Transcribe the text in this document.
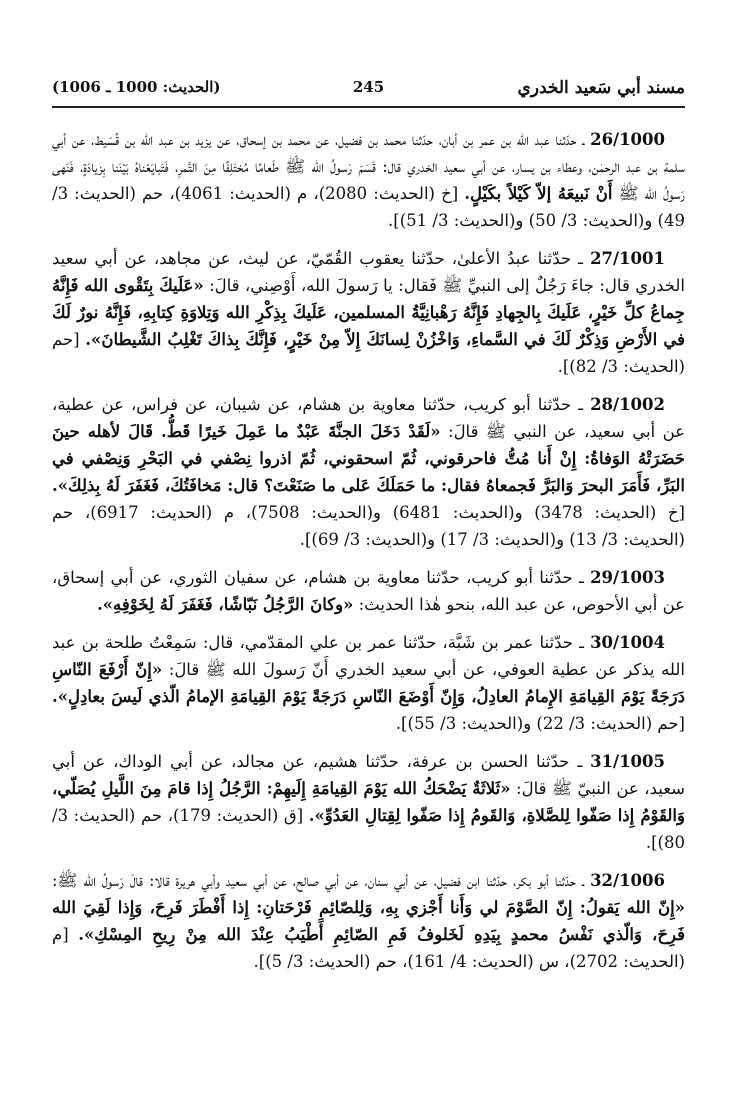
مسند أبي سَعيد الخدري
245
(الحديث: 1000 ـ 1006)

26/1000 ـ حدّثنا عبد الله بن عمر بن أبان، حدّثنا محمد بن فضيل، عن محمد بن إسحاق، عن يزيد بن عبد الله بن قُسَيط، عن أبي سلمة بن عبد الرحمٰن، وعطاء بن يسار، عن أبي سعيد الخدري قال: قَسَمَ رَسولُ الله ﷺ طَعامًا مُختَلِفًا مِنَ التَّمرِ، فَتَبايَعْناهُ بَيْنَنا بِزيادَةٍ، فَنَهى رَسولُ الله ﷺ أَنْ نَبيعَهُ إلاّ كَيْلاً بكَيْلٍ. [خ (الحديث: 2080)، م (الحديث: 4061)، حم (الحديث: 3/ 49) و(الحديث: 3/ 50) و(الحديث: 3/ 51)].

27/1001 ـ حدّثنا عبدُ الأعلىٰ، حدّثنا يعقوب القُمّيّ، عن ليث، عن مجاهد، عن أبي سعيد الخدري قال: جاءَ رَجُلٌ إلى النبيِّ ﷺ فَقال: يا رَسولَ الله، أَوْصِني، قالَ: «عَلَيكَ بِتَقْوى الله فَإِنَّهُ جِماعُ كلِّ خَيْرٍ، عَلَيكَ بِالجِهادِ فَإِنَّهُ رَهْبانِيَّةُ المسلمين، عَلَيكَ بِذِكْرِ الله وَتِلاوَةِ كِتابِهِ، فَإِنَّهُ نورٌ لَكَ في الأَرْضِ وَذِكْرٌ لَكَ في السَّماءِ، وَاخْزُنْ لِسانَكَ إِلاّ مِنْ خَيْرٍ، فَإِنَّكَ بِذاكَ تَغْلِبُ الشَّيطانَ». [حم (الحديث: 3/ 82)].

28/1002 ـ حدّثنا أبو كريب، حدّثنا معاوية بن هشام، عن شيبان، عن فراس، عن عطية، عن أبي سعيد، عن النبي ﷺ قالَ: «لَقَدْ دَخَلَ الجنَّةَ عَبْدٌ ما عَمِلَ خَيرًا قَطُّ. قَالَ لأهله حينَ حَضَرَتْهُ الوَفاةُ: إِنْ أَنا مُتُّ فاحرقوني، ثُمّ اسحقوني، ثُمّ اذروا نِصْفي في البَحْرِ وَنِصْفي في البَرِّ، فَأَمَرَ البحرَ وَالبَرَّ فَجمعاهُ فقال: ما حَمَلَكَ عَلى ما صَنَعْتَ؟ قال: مَخافَتُكَ، فَغَفَرَ لَهُ بِذلِكَ». [خ (الحديث: 3478) و(الحديث: 6481) و(الحديث: 7508)، م (الحديث: 6917)، حم (الحديث: 3/ 13) و(الحديث: 3/ 17) و(الحديث: 3/ 69)].

29/1003 ـ حدّثنا أبو كريب، حدّثنا معاوية بن هشام، عن سفيان الثوري، عن أبي إسحاق، عن أبي الأحوص، عن عبد الله، بنحو هٰذا الحديث: «وكانَ الرَّجُلُ نَبّاشًا، فَغَفَرَ لَهُ لِخَوْفِهِ».

30/1004 ـ حدّثنا عمر بن شَبَّة، حدّثنا عمر بن علي المقدّمي، قال: سَمِعْتُ طلحة بن عبد الله يذكر عن عطية العوفي، عن أبي سعيد الخدري أَنّ رَسولَ الله ﷺ قالَ: «إِنّ أَرْفَعَ النّاسِ دَرَجَةً يَوْمَ القِيامَةِ الإِمامُ العادِلُ، وَإِنّ أَوْضَعَ النّاسِ دَرَجَةً يَوْمَ القِيامَةِ الإمامُ الّذي لَيسَ بعادِلٍ». [حم (الحديث: 3/ 22) و(الحديث: 3/ 55)].

31/1005 ـ حدّثنا الحسن بن عرفة، حدّثنا هشيم، عن مجالد، عن أبي الوداك، عن أبي سعيد، عن النبيّ ﷺ قالَ: «ثَلاثَةٌ يَضْحَكُ الله يَوْمَ القِيامَةِ إِلَيهِمْ: الرَّجُلُ إِذا قامَ مِنَ اللَّيلِ يُصَلّي، وَالقَوْمُ إِذا صَفّوا لِلصَّلاةِ، وَالقَومُ إِذا صَفّوا لِقِتالِ العَدُوِّ». [ق (الحديث: 179)، حم (الحديث: 3/ 80)].

32/1006 ـ حدّثنا أبو بكر، حدّثنا ابن فضيل، عن أبي سنان، عن أبي صالح، عن أبي سعيد وأبي هريرة قالا: قالَ رَسولُ الله ﷺ: «إِنّ الله يَقولُ: إِنّ الصَّوْمَ لي وَأَنا أَجْزي بِهِ، وَلِلصّائِمِ فَرْحَتانِ: إِذا أَفْطَرَ فَرِحَ، وَإِذا لَقِيَ الله فَرِحَ، وَالّذي نَفْسُ محمدٍ بِيَدِهِ لَخَلوفُ فَمِ الصّائِمِ أَطْيَبُ عِنْدَ الله مِنْ رِيحِ المِسْكِ». [م (الحديث: 2702)، س (الحديث: 4/ 161)، حم (الحديث: 3/ 5)].
